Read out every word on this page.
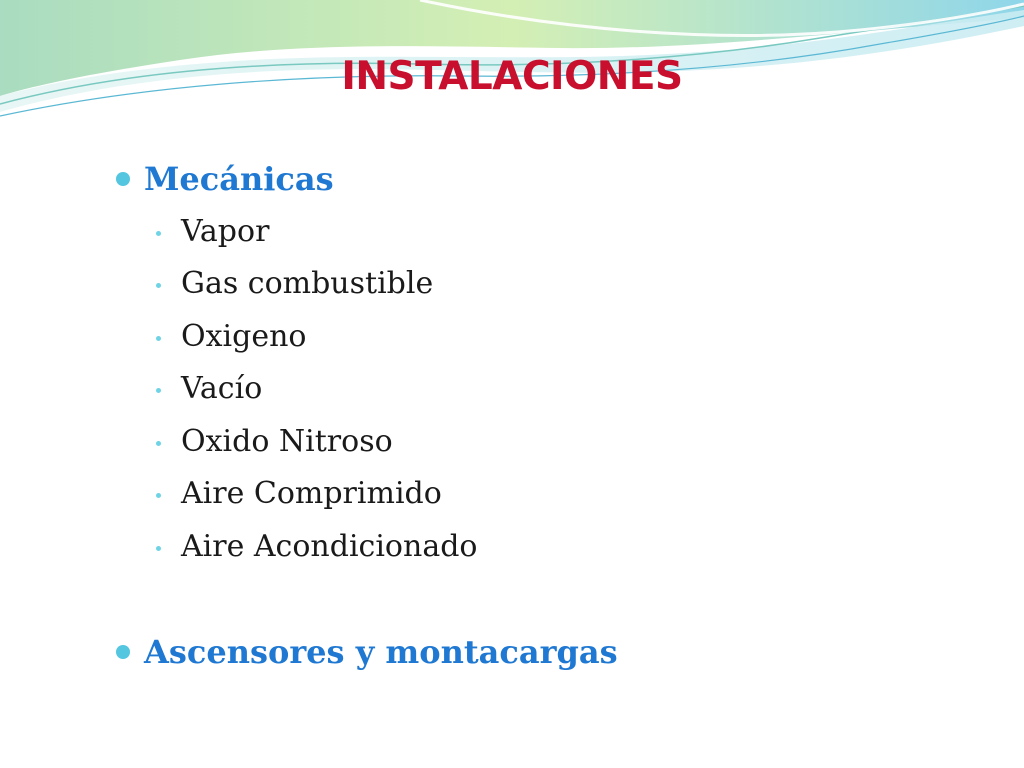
INSTALACIONES
Mecánicas
Vapor
Gas combustible
Oxigeno
Vacío
Oxido Nitroso
Aire Comprimido
Aire Acondicionado
Ascensores y montacargas
